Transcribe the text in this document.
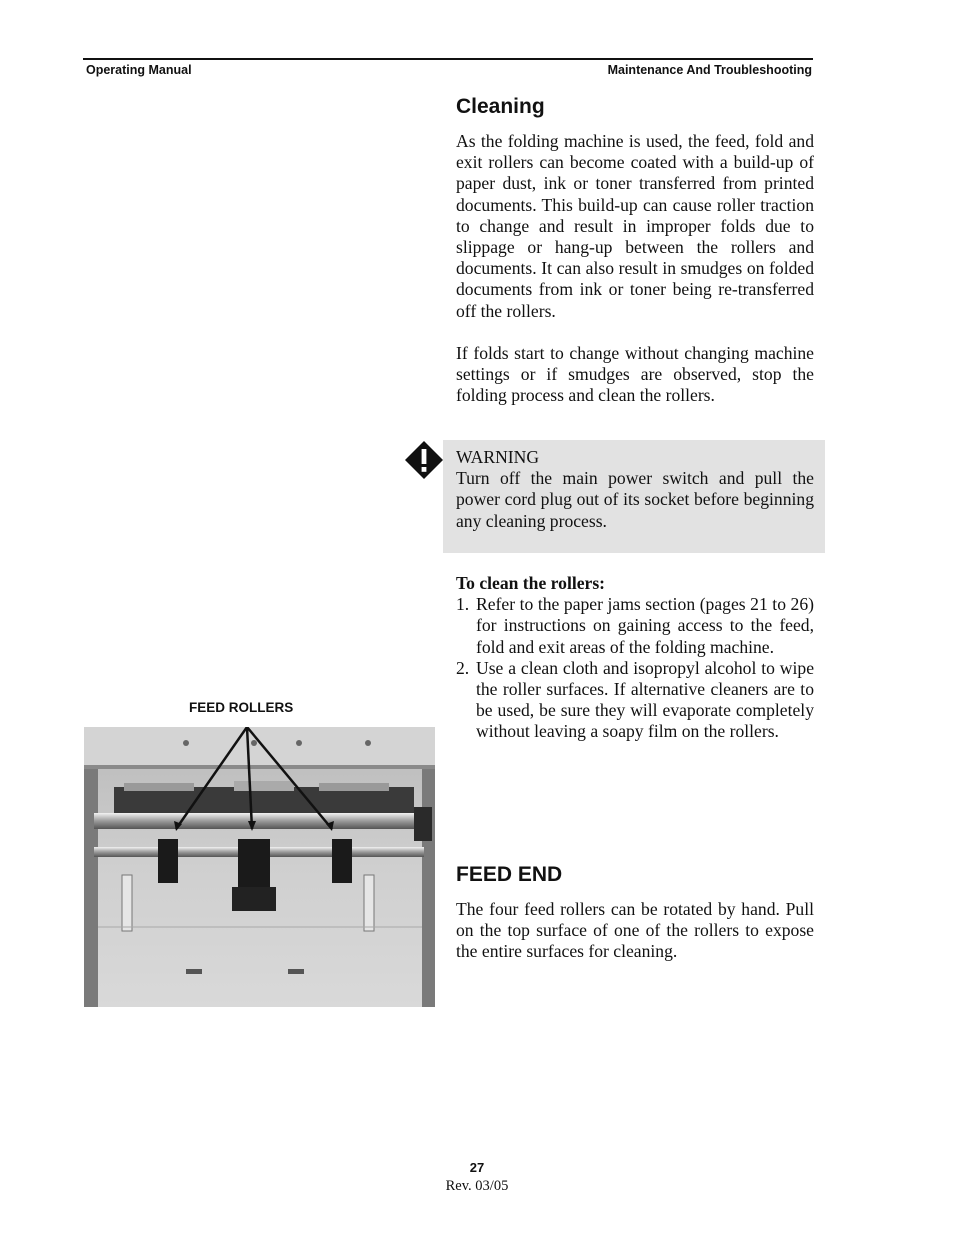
Operating Manual	Maintenance And Troubleshooting
Cleaning

As the folding machine is used, the feed, fold and exit rollers can become coated with a build-up of paper dust, ink or toner transferred from printed documents. This build-up can cause roller traction to change and result in improper folds due to slippage or hang-up between the rollers and documents. It can also result in smudges on folded documents from ink or toner being re-transferred off the rollers.

If folds start to change without changing machine settings or if smudges are observed, stop the folding process and clean the rollers.

WARNING

Turn off the main power switch and pull the power cord plug out of its socket before beginning any cleaning process.

To clean the rollers:
1. Refer to the paper jams section (pages 21 to 26) for instructions on gaining access to the feed, fold and exit areas of the folding machine.
2. Use a clean cloth and isopropyl alcohol to wipe the roller surfaces. If alternative cleaners are to be used, be sure they will evaporate completely without leaving a soapy film on the rollers.
FEED ROLLERS
FEED END

The four feed rollers can be rotated by hand. Pull on the top surface of one of the rollers to expose the entire surfaces for cleaning.

27
Rev. 03/05
